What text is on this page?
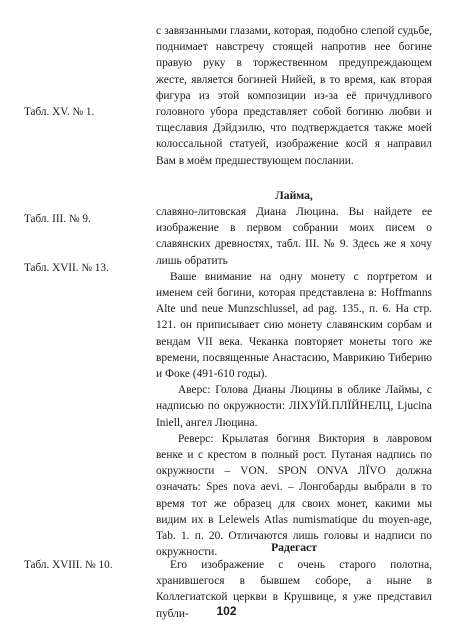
Табл. XV. № 1.
Табл. III. № 9.
Табл. XVII. № 13.
Табл. XVIII. № 10.

с завязанными глазами, которая, подобно слепой судьбе, поднимает навстречу стоящей напротив нее богине правую руку в торжественном предупреждающем жесте, является богиней Нийей, в то время, как вторая фигура из этой композиции из-за её причудливого головного убора представляет собой богиню любви и тщеславия Дэйдзилю, что подтверждается также моей колоссальной статуей, изображение косй я направил Вам в моём предшествующем послании.

Лайма,

славяно-литовская Диана Люцина. Вы найдете ее изображение в первом собрании моих писем о славянских древностях, табл. III. № 9. Здесь же я хочу лишь обратить

Ваше внимание на одну монету с портретом и именем сей богини, которая представлена в: Hoffmanns Alte und neue Munzschlussel, ad pag. 135., п. 6. На стр. 121. он приписывает сию монету славянским сорбам и вендам VII века. Чеканка повторяет монеты того же времени, посвященные Анастасию, Маврикию Тиберию и Фоке (491-610 годы).

Аверс: Голова Дианы Люцины в облике Лаймы, с надписью по окружности: ЛІХУЇЙ.ПЛЇЙНЕЛЦ, Ljucina Iniell, ангел Люцина.

Реверс: Крылатая богиня Виктория в лавровом венке и с крестом в полный рост. Путаная надпись по окружности – VON. SPON ONVA ЛЇVO должна означать: Spes nova aevi. – Лонгобарды выбрали в то время тот же образец для своих монет, какими мы видим их в Lelewels Atlas numismatique du moyen-age, Tab. 1. п. 20. Отличаются лишь головы и надписи по окружности.	Радегаст

Его изображение с очень старого полотна, хранившегося в бывшем соборе, а ныне в Коллегиатской церкви в Крушвице, я уже представил публи-	102
